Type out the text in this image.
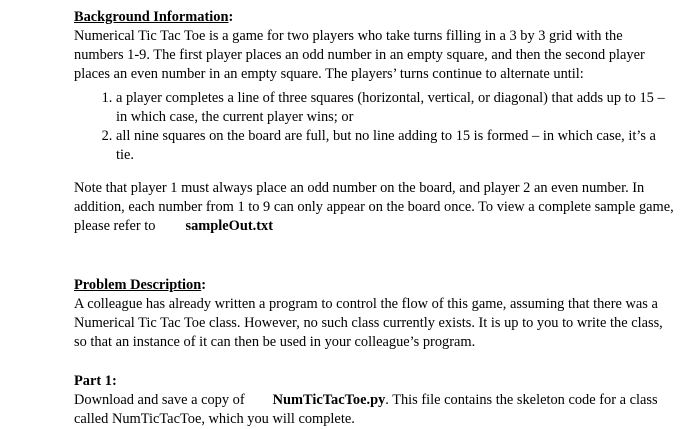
Background Information:

Numerical Tic Tac Toe is a game for two players who take turns filling in a 3 by 3 grid with the numbers 1-9. The first player places an odd number in an empty square, and then the second player places an even number in an empty square. The players’ turns continue to alternate until:

1. a player completes a line of three squares (horizontal, vertical, or diagonal) that adds up to 15 – in which case, the current player wins; or
2. all nine squares on the board are full, but no line adding to 15 is formed – in which case, it’s a tie.

Note that player 1 must always place an odd number on the board, and player 2 an even number. In addition, each number from 1 to 9 can only appear on the board once. To view a complete sample game, please refer to sampleOut.txt

Problem Description:

A colleague has already written a program to control the flow of this game, assuming that there was a Numerical Tic Tac Toe class. However, no such class currently exists. It is up to you to write the class, so that an instance of it can then be used in your colleague’s program.

Part 1:

Download and save a copy of NumTicTacToe.py. This file contains the skeleton code for a class called NumTicTacToe, which you will complete.
